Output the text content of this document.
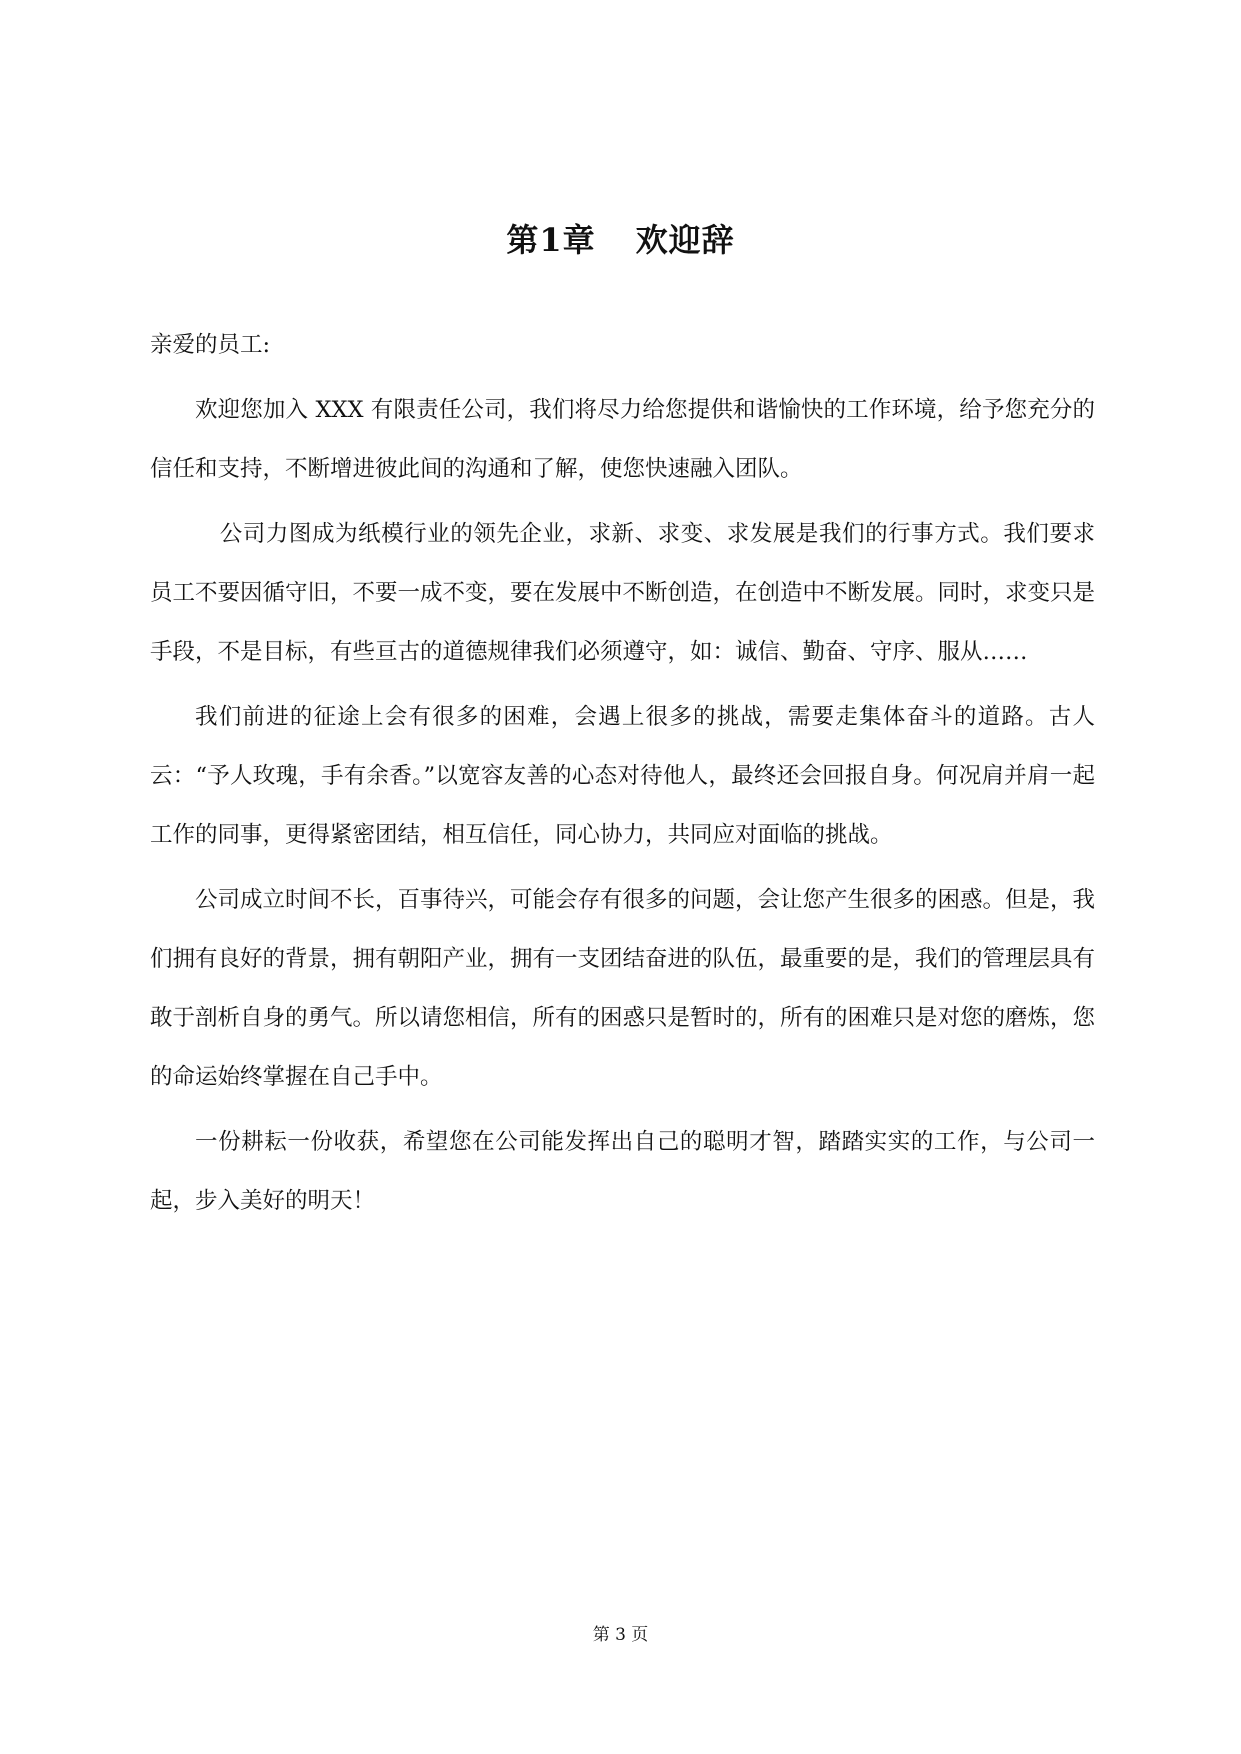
第1章 欢迎辞

亲爱的员工:

欢迎您加入 XXX 有限责任公司，我们将尽力给您提供和谐愉快的工作环境，给予您充分的信任和支持，不断增进彼此间的沟通和了解，使您快速融入团队。

公司力图成为纸模行业的领先企业，求新、求变、求发展是我们的行事方式。我们要求员工不要因循守旧，不要一成不变，要在发展中不断创造，在创造中不断发展。同时，求变只是手段，不是目标，有些亘古的道德规律我们必须遵守，如：诚信、勤奋、守序、服从……

我们前进的征途上会有很多的困难，会遇上很多的挑战，需要走集体奋斗的道路。古人云：“予人玫瑰，手有余香。”以宽容友善的心态对待他人，最终还会回报自身。何况肩并肩一起工作的同事，更得紧密团结，相互信任，同心协力，共同应对面临的挑战。

公司成立时间不长，百事待兴，可能会存有很多的问题，会让您产生很多的困惑。但是，我们拥有良好的背景，拥有朝阳产业，拥有一支团结奋进的队伍，最重要的是，我们的管理层具有敢于剖析自身的勇气。所以请您相信，所有的困惑只是暂时的，所有的困难只是对您的磨炼，您的命运始终掌握在自己手中。

一份耕耘一份收获，希望您在公司能发挥出自己的聪明才智，踏踏实实的工作，与公司一起，步入美好的明天！

第 3 页
